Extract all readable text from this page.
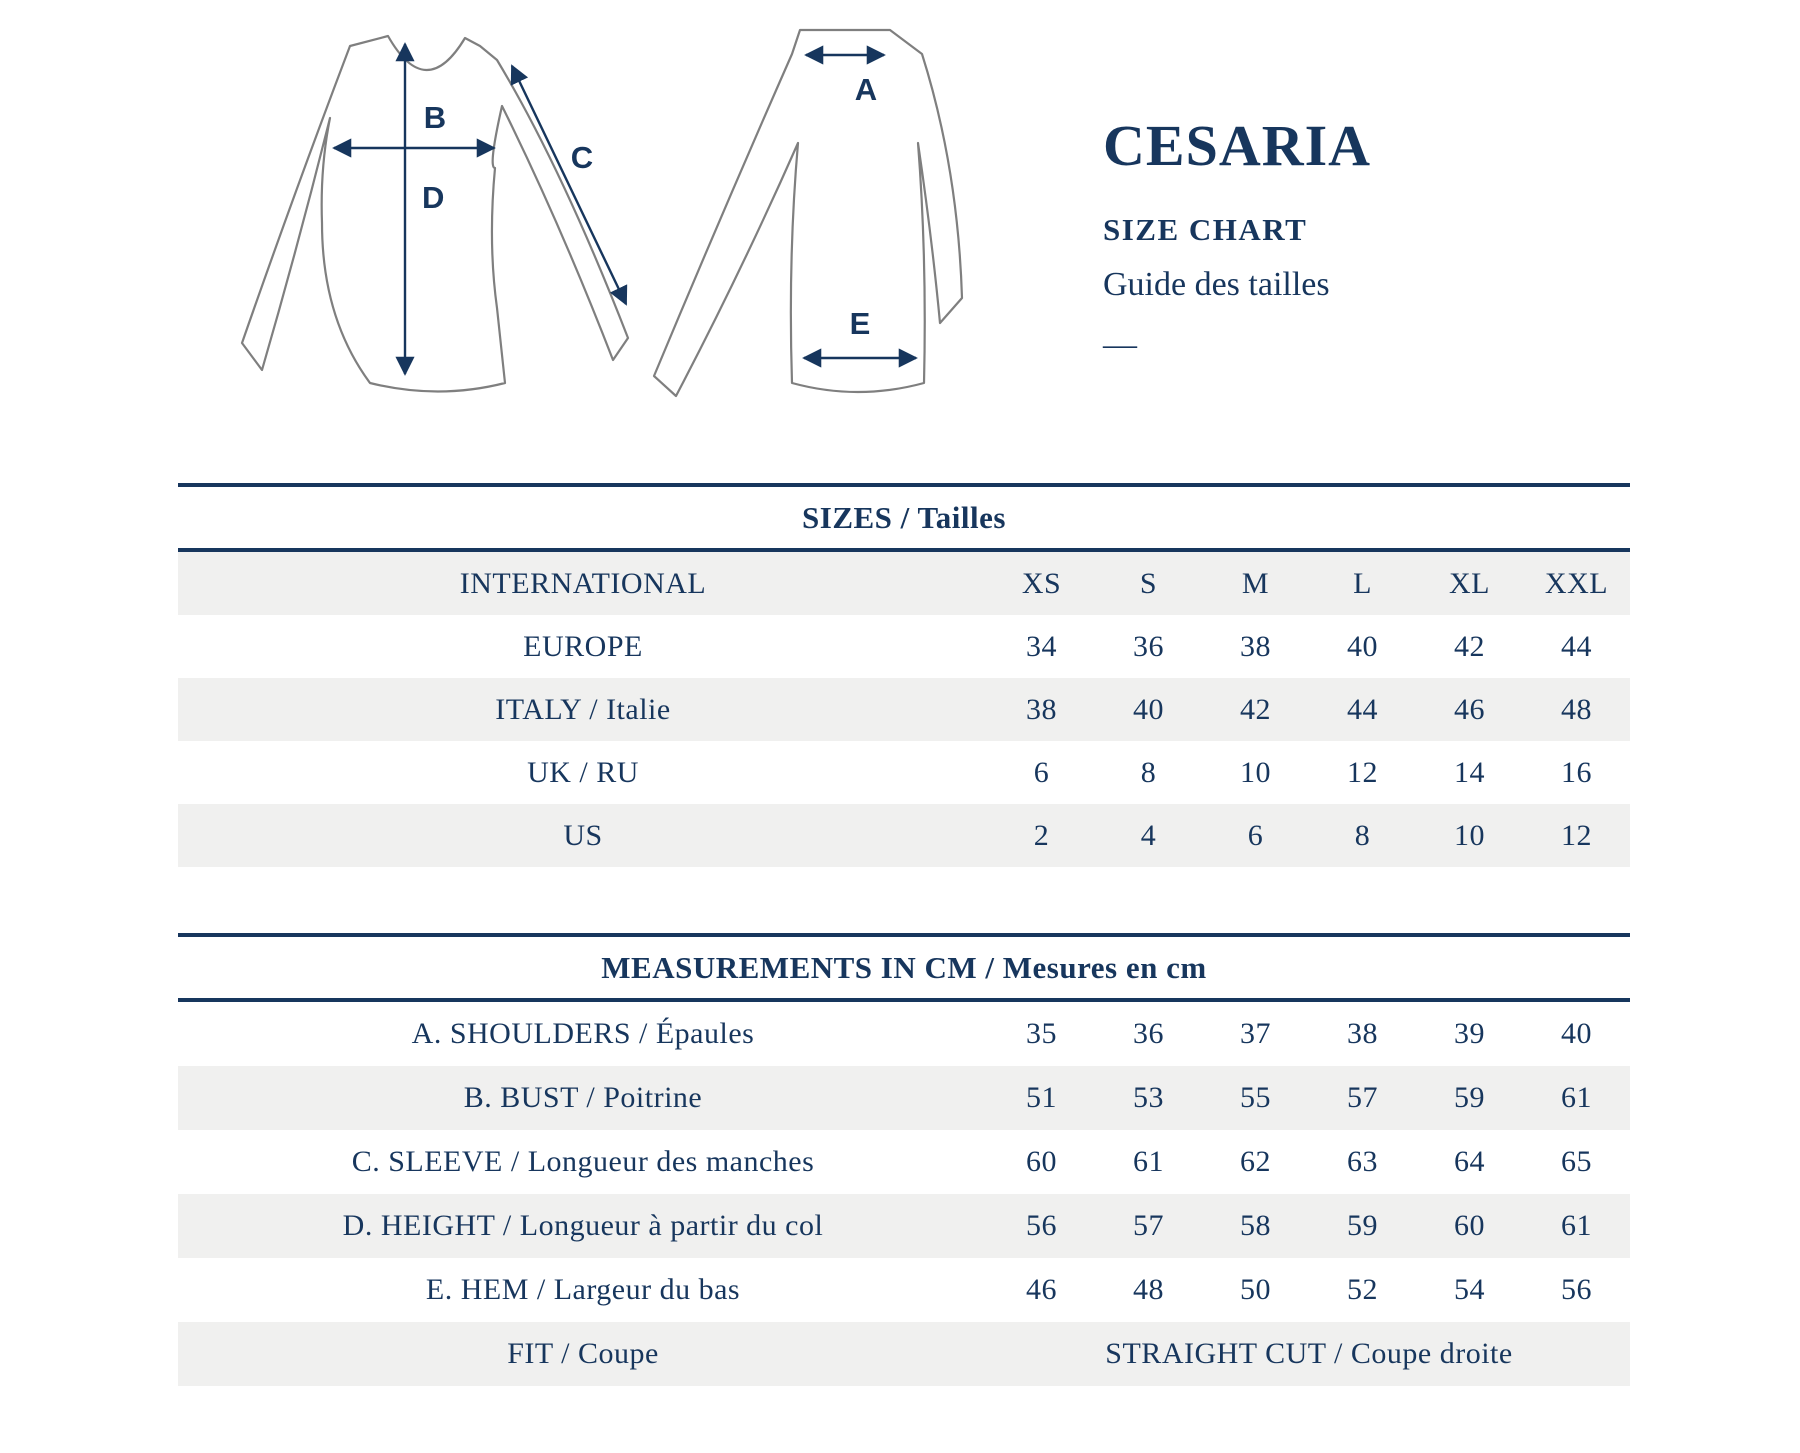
A
B
C
D
E
CESARIA
SIZE CHART
Guide des tailles
—
SIZES / Tailles
INTERNATIONAL	XS	S	M	L	XL	XXL
EUROPE	34	36	38	40	42	44
ITALY / Italie	38	40	42	44	46	48
UK / RU	6	8	10	12	14	16
US	2	4	6	8	10	12
MEASUREMENTS IN CM / Mesures en cm
A. SHOULDERS / Épaules	35	36	37	38	39	40
B. BUST / Poitrine	51	53	55	57	59	61
C. SLEEVE / Longueur des manches	60	61	62	63	64	65
D. HEIGHT / Longueur à partir du col	56	57	58	59	60	61
E. HEM / Largeur du bas	46	48	50	52	54	56
FIT / Coupe	STRAIGHT CUT / Coupe droite
